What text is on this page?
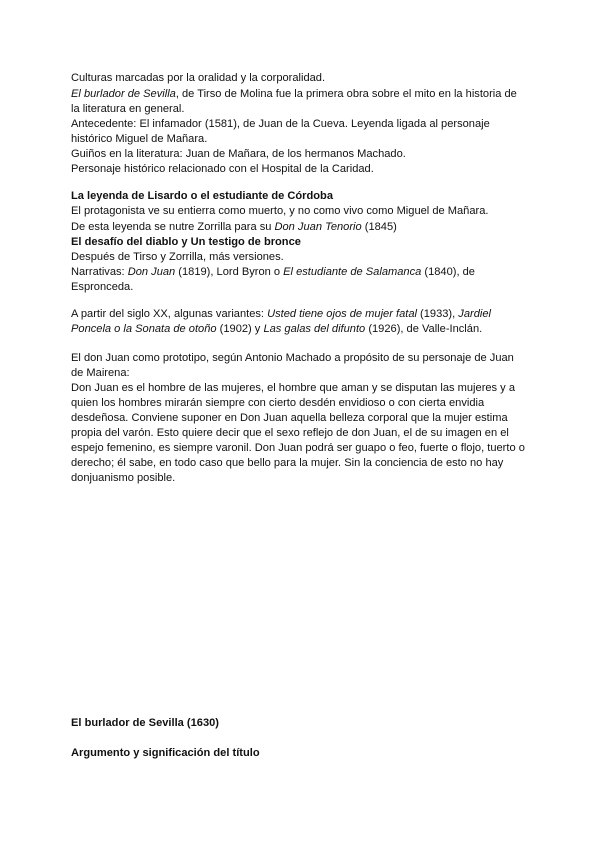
Culturas marcadas por la oralidad y la corporalidad.

El burlador de Sevilla, de Tirso de Molina fue la primera obra sobre el mito en la historia de

la literatura en general.

Antecedente: El infamador (1581), de Juan de la Cueva. Leyenda ligada al personaje

histórico Miguel de Mañara.

Guiños en la literatura: Juan de Mañara, de los hermanos Machado.

Personaje histórico relacionado con el Hospital de la Caridad.

La leyenda de Lisardo o el estudiante de Córdoba

El protagonista ve su entierra como muerto, y no como vivo como Miguel de Mañara.

De esta leyenda se nutre Zorrilla para su Don Juan Tenorio (1845)

El desafío del diablo y Un testigo de bronce

Después de Tirso y Zorrilla, más versiones.

Narrativas: Don Juan (1819), Lord Byron o El estudiante de Salamanca (1840), de

Espronceda.

A partir del siglo XX, algunas variantes: Usted tiene ojos de mujer fatal (1933), Jardiel

Poncela o la Sonata de otoño (1902) y Las galas del difunto (1926), de Valle-Inclán.

El don Juan como prototipo, según Antonio Machado a propósito de su personaje de Juan

de Mairena:

Don Juan es el hombre de las mujeres, el hombre que aman y se disputan las mujeres y a

quien los hombres mirarán siempre con cierto desdén envidioso o con cierta envidia

desdeñosa. Conviene suponer en Don Juan aquella belleza corporal que la mujer estima

propia del varón. Esto quiere decir que el sexo reflejo de don Juan, el de su imagen en el

espejo femenino, es siempre varonil. Don Juan podrá ser guapo o feo, fuerte o flojo, tuerto o

derecho; él sabe, en todo caso que bello para la mujer. Sin la conciencia de esto no hay

donjuanismo posible.

El burlador de Sevilla (1630)

Argumento y significación del título
